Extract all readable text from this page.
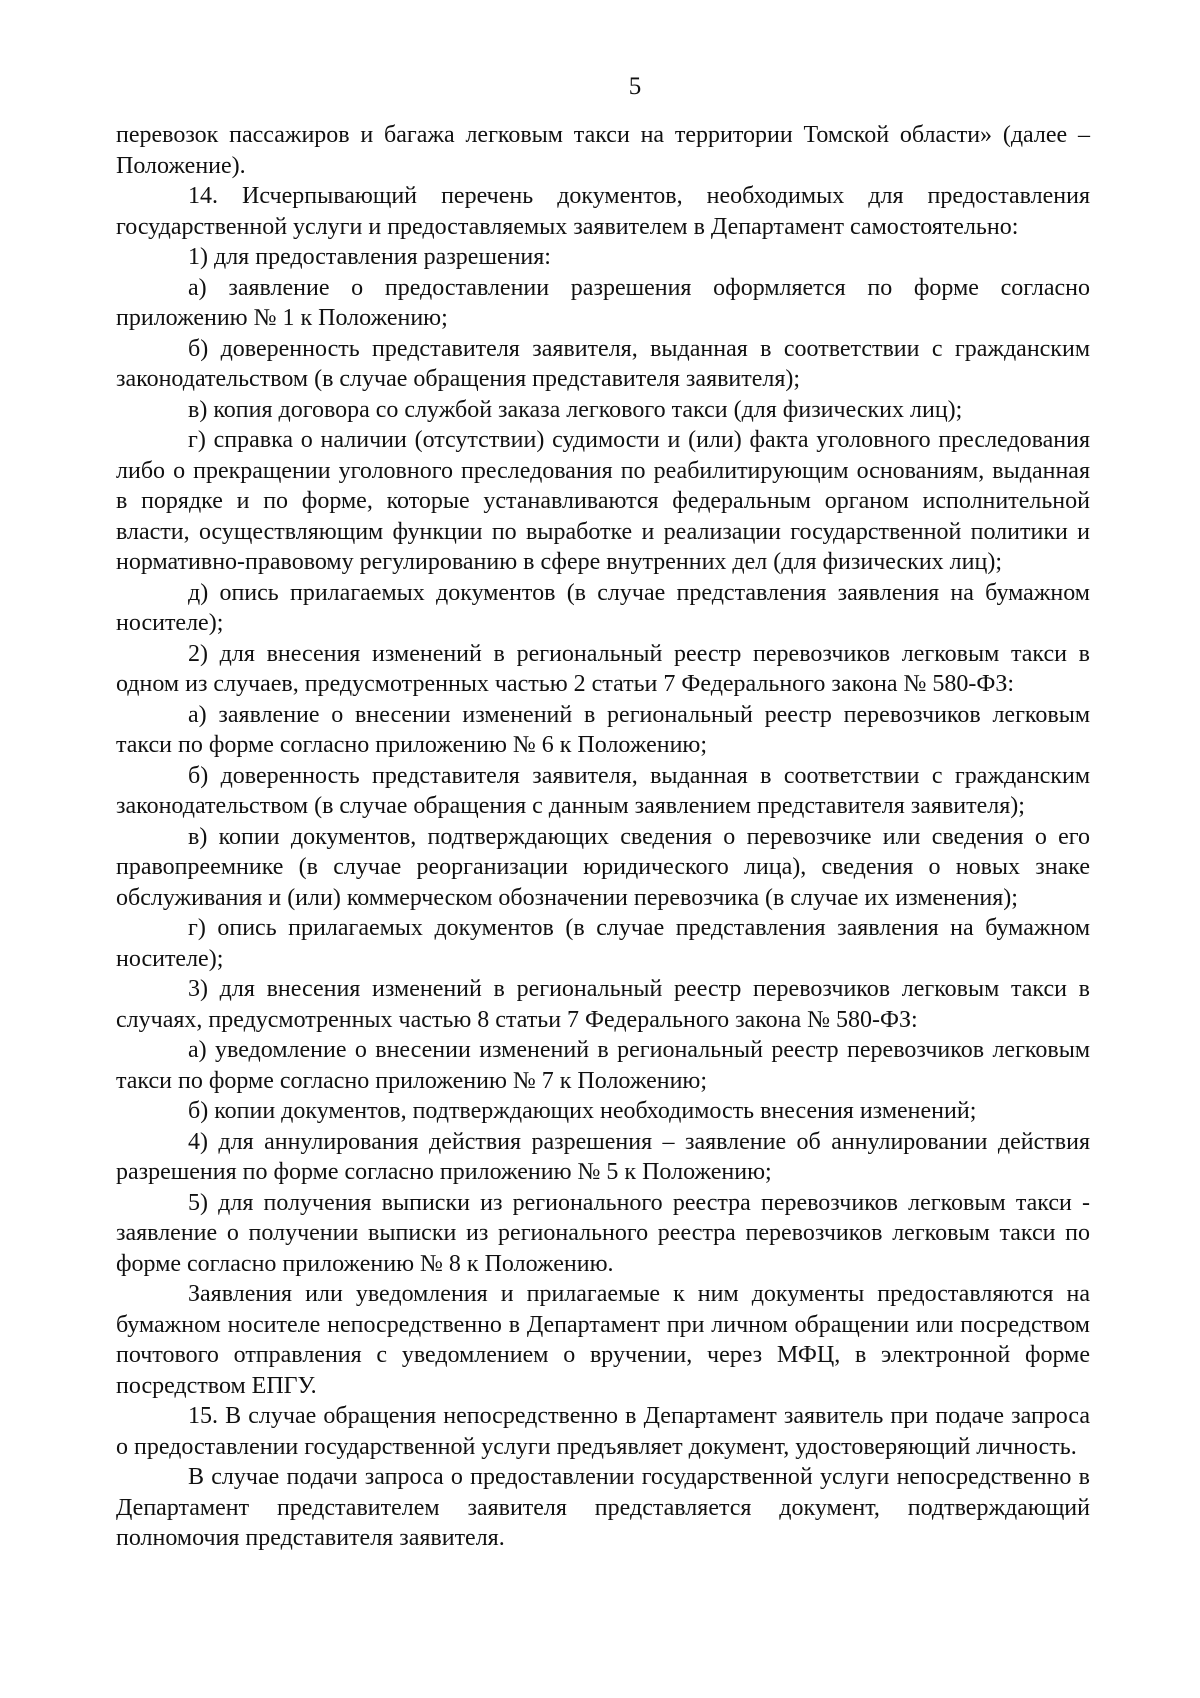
5

перевозок пассажиров и багажа легковым такси на территории Томской области» (далее – Положение).

14. Исчерпывающий перечень документов, необходимых для предоставления государственной услуги и предоставляемых заявителем в Департамент самостоятельно:

1) для предоставления разрешения:

а) заявление о предоставлении разрешения оформляется по форме согласно приложению № 1 к Положению;

б) доверенность представителя заявителя, выданная в соответствии с гражданским законодательством (в случае обращения представителя заявителя);

в) копия договора со службой заказа легкового такси (для физических лиц);

г) справка о наличии (отсутствии) судимости и (или) факта уголовного преследования либо о прекращении уголовного преследования по реабилитирующим основаниям, выданная в порядке и по форме, которые устанавливаются федеральным органом исполнительной власти, осуществляющим функции по выработке и реализации государственной политики и нормативно-правовому регулированию в сфере внутренних дел (для физических лиц);

д) опись прилагаемых документов (в случае представления заявления на бумажном носителе);

2) для внесения изменений в региональный реестр перевозчиков легковым такси в одном из случаев, предусмотренных частью 2 статьи 7 Федерального закона № 580-ФЗ:

а) заявление о внесении изменений в региональный реестр перевозчиков легковым такси по форме согласно приложению № 6 к Положению;

б) доверенность представителя заявителя, выданная в соответствии с гражданским законодательством (в случае обращения с данным заявлением представителя заявителя);

в) копии документов, подтверждающих сведения о перевозчике или сведения о его правопреемнике (в случае реорганизации юридического лица), сведения о новых знаке обслуживания и (или) коммерческом обозначении перевозчика (в случае их изменения);

г) опись прилагаемых документов (в случае представления заявления на бумажном носителе);

3) для внесения изменений в региональный реестр перевозчиков легковым такси в случаях, предусмотренных частью 8 статьи 7 Федерального закона № 580-ФЗ:

а) уведомление о внесении изменений в региональный реестр перевозчиков легковым такси по форме согласно приложению № 7 к Положению;

б) копии документов, подтверждающих необходимость внесения изменений;

4) для аннулирования действия разрешения – заявление об аннулировании действия разрешения по форме согласно приложению № 5 к Положению;

5) для получения выписки из регионального реестра перевозчиков легковым такси - заявление о получении выписки из регионального реестра перевозчиков легковым такси по форме согласно приложению № 8 к Положению.

Заявления или уведомления и прилагаемые к ним документы предоставляются на бумажном носителе непосредственно в Департамент при личном обращении или посредством почтового отправления с уведомлением о вручении, через МФЦ, в электронной форме посредством ЕПГУ.

15. В случае обращения непосредственно в Департамент заявитель при подаче запроса о предоставлении государственной услуги предъявляет документ, удостоверяющий личность.

В случае подачи запроса о предоставлении государственной услуги непосредственно в Департамент представителем заявителя представляется документ, подтверждающий полномочия представителя заявителя.
